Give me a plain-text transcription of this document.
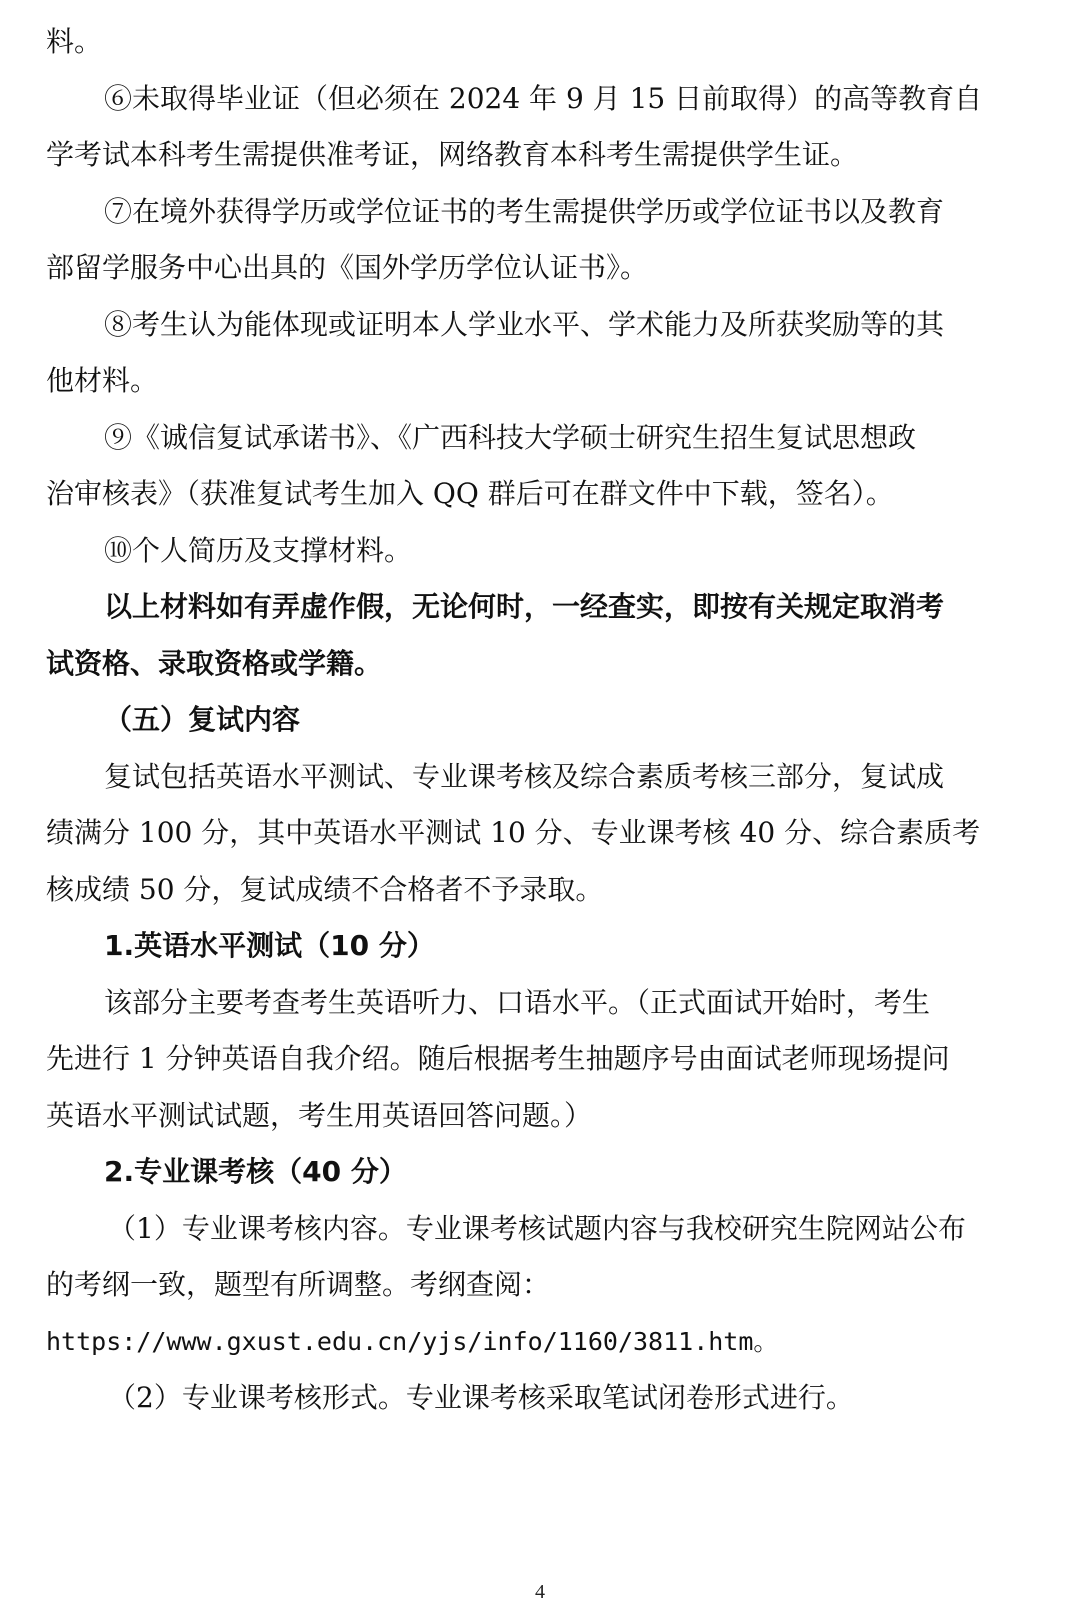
料。
⑥未取得毕业证（但必须在 2024 年 9 月 15 日前取得）的高等教育自
学考试本科考生需提供准考证，网络教育本科考生需提供学生证。
⑦在境外获得学历或学位证书的考生需提供学历或学位证书以及教育
部留学服务中心出具的《国外学历学位认证书》。
⑧考生认为能体现或证明本人学业水平、学术能力及所获奖励等的其
他材料。
⑨《诚信复试承诺书》、《广西科技大学硕士研究生招生复试思想政
治审核表》（获准复试考生加入 QQ 群后可在群文件中下载，签名）。
⑩个人简历及支撑材料。
以上材料如有弄虚作假，无论何时，一经查实，即按有关规定取消考
试资格、录取资格或学籍。
（五）复试内容
复试包括英语水平测试、专业课考核及综合素质考核三部分，复试成
绩满分 100 分，其中英语水平测试 10 分、专业课考核 40 分、综合素质考
核成绩 50 分，复试成绩不合格者不予录取。
1.英语水平测试（10 分）
该部分主要考查考生英语听力、口语水平。（正式面试开始时，考生
先进行 1 分钟英语自我介绍。随后根据考生抽题序号由面试老师现场提问
英语水平测试试题，考生用英语回答问题。）
2.专业课考核（40 分）
（1）专业课考核内容。专业课考核试题内容与我校研究生院网站公布
的考纲一致，题型有所调整。考纲查阅：
https://www.gxust.edu.cn/yjs/info/1160/3811.htm。
（2）专业课考核形式。专业课考核采取笔试闭卷形式进行。
4
